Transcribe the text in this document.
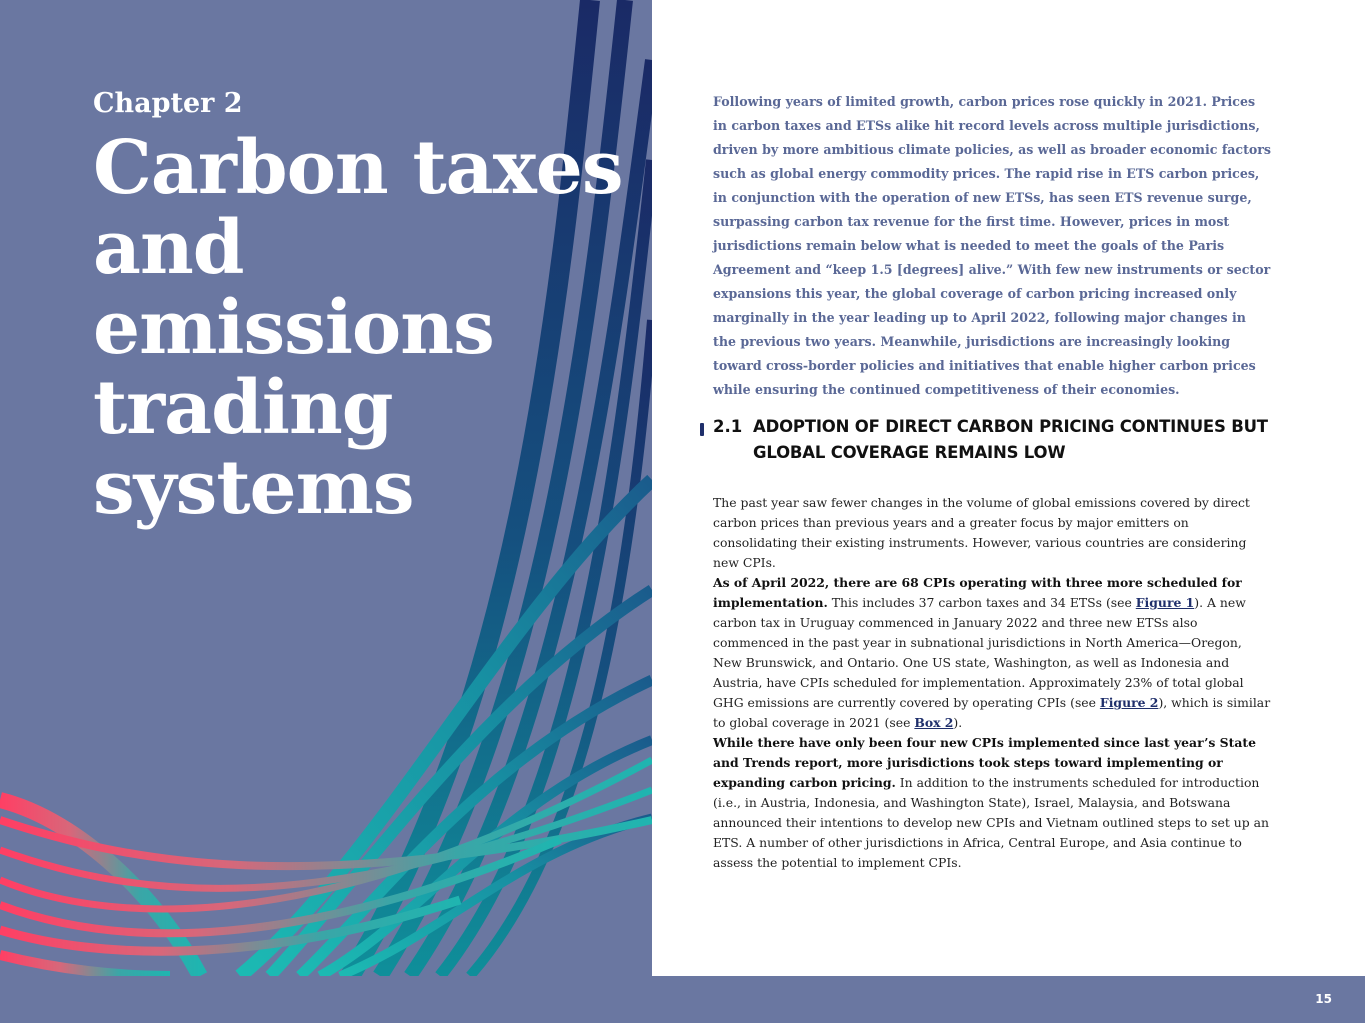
Chapter 2
Carbon taxes and emissions trading systems

Following years of limited growth, carbon prices rose quickly in 2021. Prices in carbon taxes and ETSs alike hit record levels across multiple jurisdictions, driven by more ambitious climate policies, as well as broader economic factors such as global energy commodity prices. The rapid rise in ETS carbon prices, in conjunction with the operation of new ETSs, has seen ETS revenue surge, surpassing carbon tax revenue for the first time. However, prices in most jurisdictions remain below what is needed to meet the goals of the Paris Agreement and “keep 1.5 [degrees] alive.” With few new instruments or sector expansions this year, the global coverage of carbon pricing increased only marginally in the year leading up to April 2022, following major changes in the previous two years. Meanwhile, jurisdictions are increasingly looking toward cross-border policies and initiatives that enable higher carbon prices while ensuring the continued competitiveness of their economies.

2.1 ADOPTION OF DIRECT CARBON PRICING CONTINUES BUT GLOBAL COVERAGE REMAINS LOW

The past year saw fewer changes in the volume of global emissions covered by direct carbon prices than previous years and a greater focus by major emitters on consolidating their existing instruments. However, various countries are considering new CPIs.

As of April 2022, there are 68 CPIs operating with three more scheduled for implementation. This includes 37 carbon taxes and 34 ETSs (see Figure 1). A new carbon tax in Uruguay commenced in January 2022 and three new ETSs also commenced in the past year in subnational jurisdictions in North America—Oregon, New Brunswick, and Ontario. One US state, Washington, as well as Indonesia and Austria, have CPIs scheduled for implementation. Approximately 23% of total global GHG emissions are currently covered by operating CPIs (see Figure 2), which is similar to global coverage in 2021 (see Box 2).

While there have only been four new CPIs implemented since last year’s State and Trends report, more jurisdictions took steps toward implementing or expanding carbon pricing. In addition to the instruments scheduled for introduction (i.e., in Austria, Indonesia, and Washington State), Israel, Malaysia, and Botswana announced their intentions to develop new CPIs and Vietnam outlined steps to set up an ETS. A number of other jurisdictions in Africa, Central Europe, and Asia continue to assess the potential to implement CPIs.

15
